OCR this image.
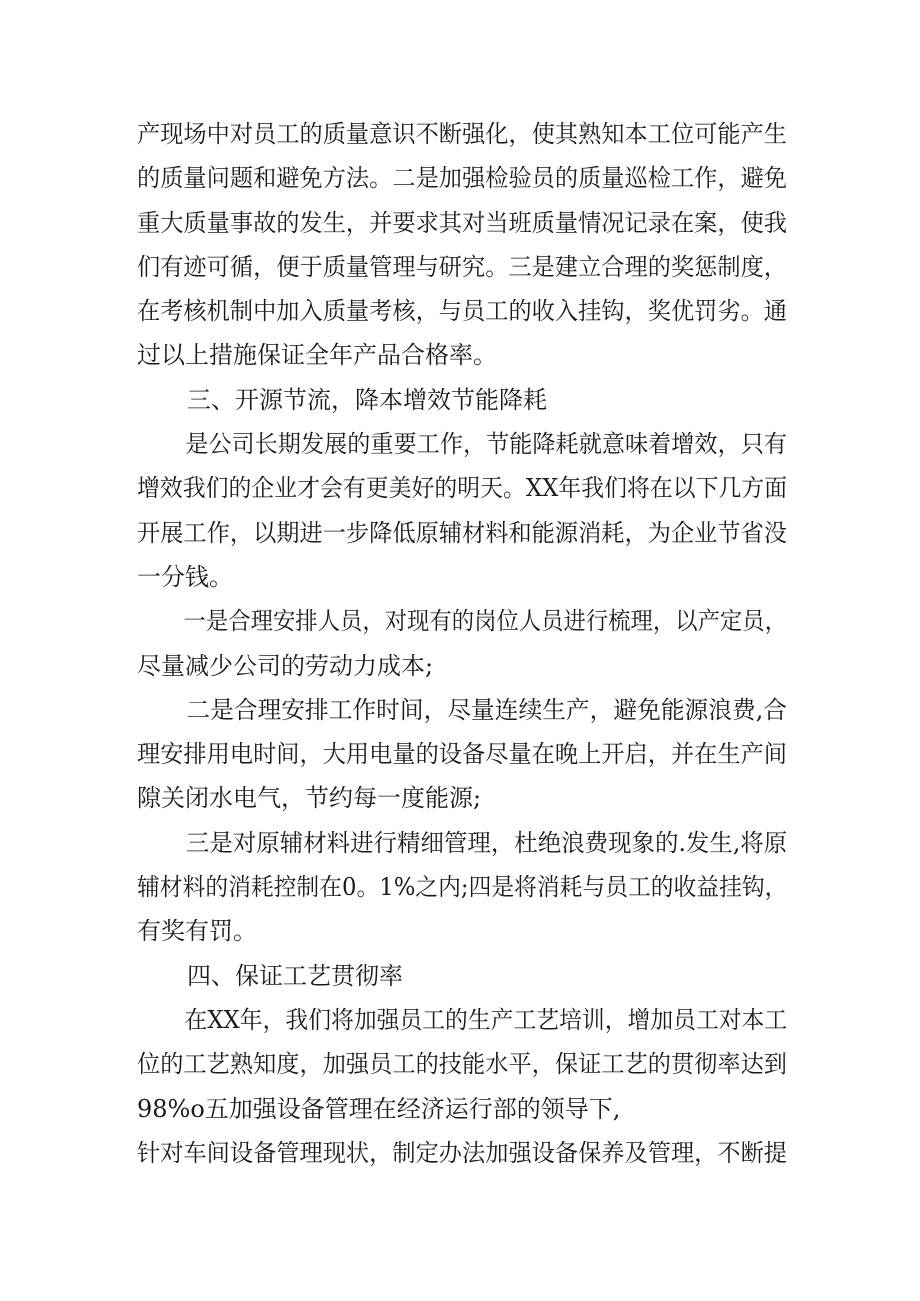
产现场中对员工的质量意识不断强化，使其熟知本工位可能产生
的质量问题和避免方法。二是加强检验员的质量巡检工作，避免
重大质量事故的发生，并要求其对当班质量情况记录在案，使我
们有迹可循，便于质量管理与研究。三是建立合理的奖惩制度，
在考核机制中加入质量考核，与员工的收入挂钩，奖优罚劣。通
过以上措施保证全年产品合格率。
三、开源节流，降本增效节能降耗
是公司长期发展的重要工作，节能降耗就意味着增效，只有
增效我们的企业才会有更美好的明天。XX年我们将在以下几方面
开展工作，以期进一步降低原辅材料和能源消耗，为企业节省没
一分钱。
一是合理安排人员，对现有的岗位人员进行梳理，以产定员，
尽量减少公司的劳动力成本;
二是合理安排工作时间，尽量连续生产，避免能源浪费,合
理安排用电时间，大用电量的设备尽量在晚上开启，并在生产间
隙关闭水电气，节约每一度能源;
三是对原辅材料进行精细管理，杜绝浪费现象的.发生,将原
辅材料的消耗控制在0。1%之内;四是将消耗与员工的收益挂钩，
有奖有罚。
四、保证工艺贯彻率
在XX年，我们将加强员工的生产工艺培训，增加员工对本工
位的工艺熟知度，加强员工的技能水平，保证工艺的贯彻率达到
98%o五加强设备管理在经济运行部的领导下,
针对车间设备管理现状，制定办法加强设备保养及管理，不断提
